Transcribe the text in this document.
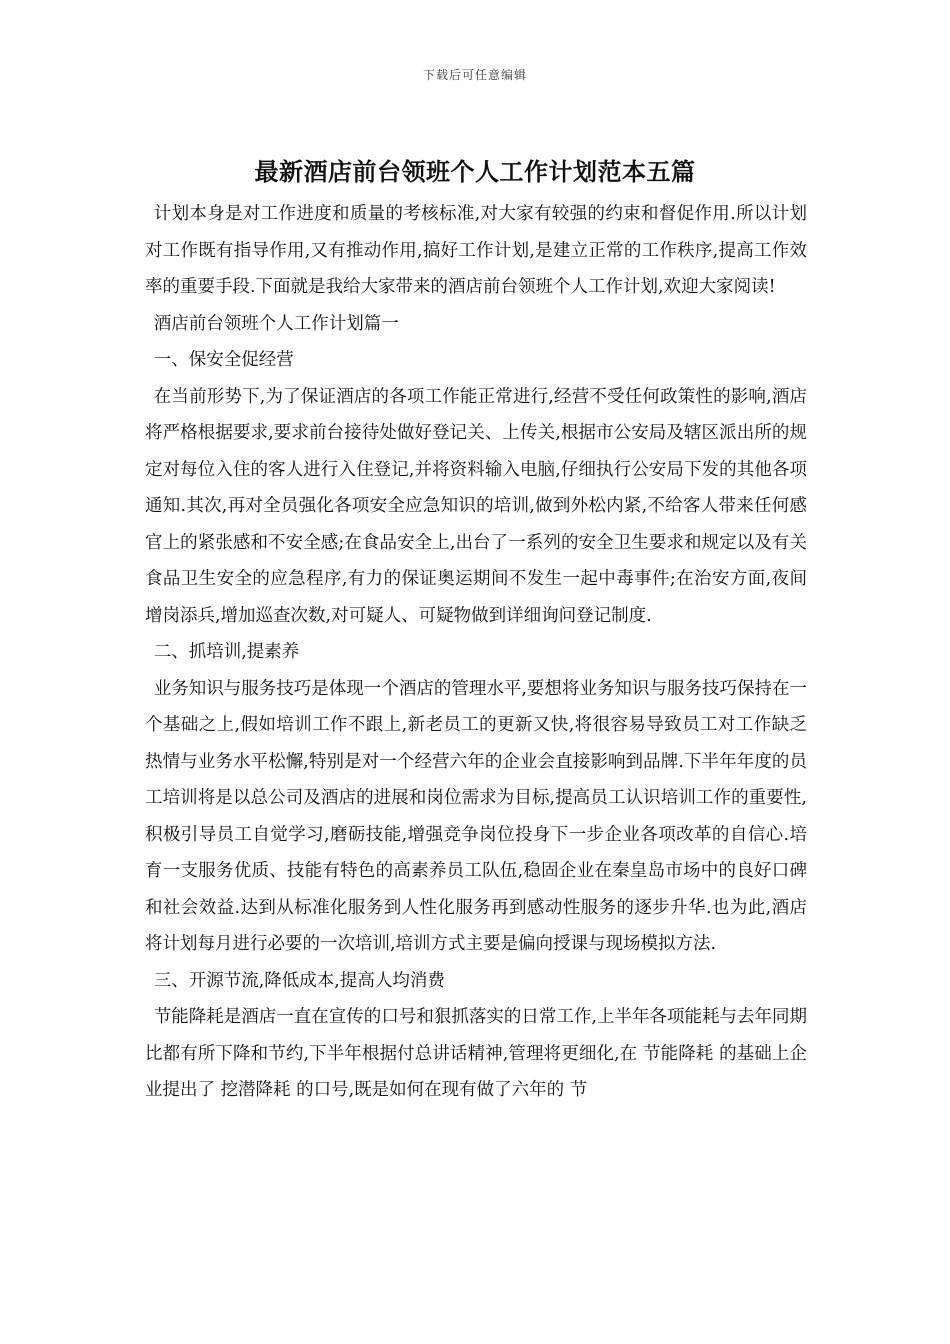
下载后可任意编辑
最新酒店前台领班个人工作计划范本五篇

计划本身是对工作进度和质量的考核标准,对大家有较强的约束和督促作用.所以计划对工作既有指导作用,又有推动作用,搞好工作计划,是建立正常的工作秩序,提高工作效率的重要手段.下面就是我给大家带来的酒店前台领班个人工作计划,欢迎大家阅读!

酒店前台领班个人工作计划篇一

一、保安全促经营

在当前形势下,为了保证酒店的各项工作能正常进行,经营不受任何政策性的影响,酒店将严格根据要求,要求前台接待处做好登记关、上传关,根据市公安局及辖区派出所的规定对每位入住的客人进行入住登记,并将资料输入电脑,仔细执行公安局下发的其他各项通知.其次,再对全员强化各项安全应急知识的培训,做到外松内紧,不给客人带来任何感官上的紧张感和不安全感;在食品安全上,出台了一系列的安全卫生要求和规定以及有关食品卫生安全的应急程序,有力的保证奥运期间不发生一起中毒事件;在治安方面,夜间增岗添兵,增加巡查次数,对可疑人、可疑物做到详细询问登记制度.

二、抓培训,提素养

业务知识与服务技巧是体现一个酒店的管理水平,要想将业务知识与服务技巧保持在一个基础之上,假如培训工作不跟上,新老员工的更新又快,将很容易导致员工对工作缺乏热情与业务水平松懈,特别是对一个经营六年的企业会直接影响到品牌.下半年年度的员工培训将是以总公司及酒店的进展和岗位需求为目标,提高员工认识培训工作的重要性,积极引导员工自觉学习,磨砺技能,增强竞争岗位投身下一步企业各项改革的自信心.培育一支服务优质、技能有特色的高素养员工队伍,稳固企业在秦皇岛市场中的良好口碑和社会效益.达到从标准化服务到人性化服务再到感动性服务的逐步升华.也为此,酒店将计划每月进行必要的一次培训,培训方式主要是偏向授课与现场模拟方法.

三、开源节流,降低成本,提高人均消费

节能降耗是酒店一直在宣传的口号和狠抓落实的日常工作,上半年各项能耗与去年同期比都有所下降和节约,下半年根据付总讲话精神,管理将更细化,在 节能降耗 的基础上企业提出了 挖潜降耗 的口号,既是如何在现有做了六年的 节
